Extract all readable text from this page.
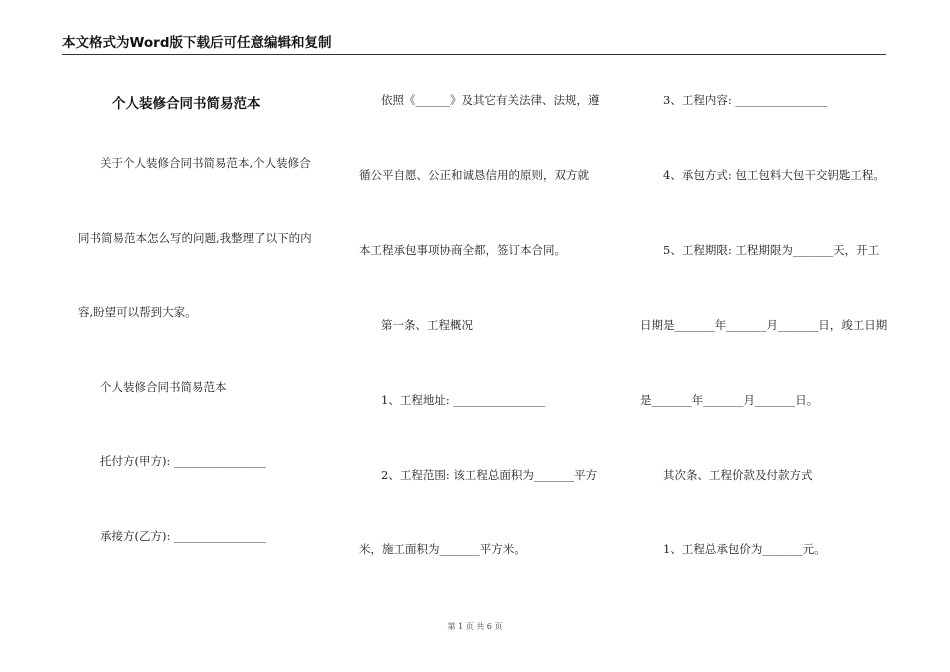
本文格式为Word版下载后可任意编辑和复制
个人装修合同书简易范本
关于个人装修合同书简易范本,个人装修合
同书简易范本怎么写的问题,我整理了以下的内
容,盼望可以帮到大家。
个人装修合同书简易范本
托付方(甲方): ________________
承接方(乙方): ________________
依照《______》及其它有关法律、法规，遵
循公平自愿、公正和诚恳信用的原则，双方就
本工程承包事项协商全都，签订本合同。
第一条、工程概况
1、工程地址: ________________
2、工程范围: 该工程总面积为_______平方
米，施工面积为_______平方米。
3、工程内容: ________________
4、承包方式: 包工包料大包干交钥匙工程。
5、工程期限: 工程期限为_______天，开工
日期是_______年_______月_______日，竣工日期
是_______年_______月_______日。
其次条、工程价款及付款方式
1、工程总承包价为_______元。
第 1 页 共 6 页
